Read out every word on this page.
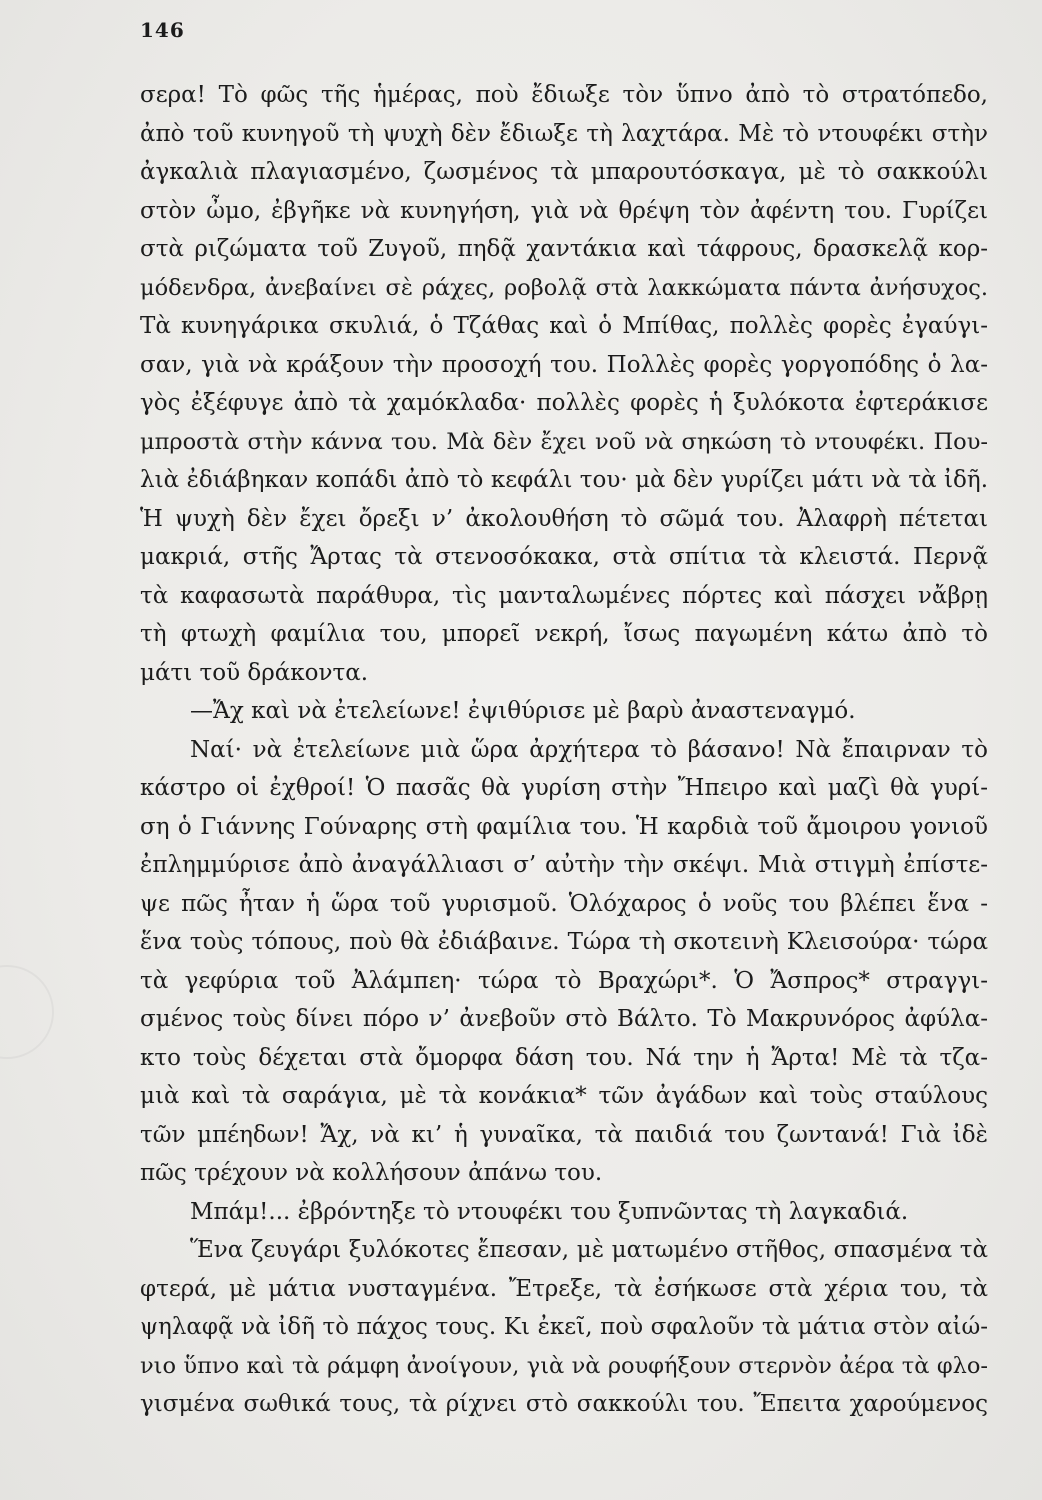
146
σερα! Τὸ φῶς τῆς ἡμέρας, ποὺ ἔδιωξε τὸν ὕπνο ἀπὸ τὸ στρατόπεδο,
ἀπὸ τοῦ κυνηγοῦ τὴ ψυχὴ δὲν ἔδιωξε τὴ λαχτάρα. Μὲ τὸ ντουφέκι στὴν
ἀγκαλιὰ πλαγιασμένο, ζωσμένος τὰ μπαρουτόσκαγα, μὲ τὸ σακκούλι
στὸν ὦμο, ἐβγῆκε νὰ κυνηγήση, γιὰ νὰ θρέψη τὸν ἀφέντη του. Γυρίζει
στὰ ριζώματα τοῦ Ζυγοῦ, πηδᾷ χαντάκια καὶ τάφρους, δρασκελᾷ κορ-
μόδενδρα, ἀνεβαίνει σὲ ράχες, ροβολᾷ στὰ λακκώματα πάντα ἀνήσυχος.
Τὰ κυνηγάρικα σκυλιά, ὁ Τζάθας καὶ ὁ Μπίθας, πολλὲς φορὲς ἐγαύγι-
σαν, γιὰ νὰ κράξουν τὴν προσοχή του. Πολλὲς φορὲς γοργοπόδης ὁ λα-
γὸς ἐξέφυγε ἀπὸ τὰ χαμόκλαδα· πολλὲς φορὲς ἡ ξυλόκοτα ἐφτεράκισε
μπροστὰ στὴν κάννα του. Μὰ δὲν ἔχει νοῦ νὰ σηκώση τὸ ντουφέκι. Που-
λιὰ ἐδιάβηκαν κοπάδι ἀπὸ τὸ κεφάλι του· μὰ δὲν γυρίζει μάτι νὰ τὰ ἰδῆ.
Ἡ ψυχὴ δὲν ἔχει ὄρεξι ν’ ἀκολουθήση τὸ σῶμά του. Ἀλαφρὴ πέτεται
μακριά, στῆς Ἄρτας τὰ στενοσόκακα, στὰ σπίτια τὰ κλειστά. Περνᾷ
τὰ καφασωτὰ παράθυρα, τὶς μανταλωμένες πόρτες καὶ πάσχει νἄβρῃ
τὴ φτωχὴ φαμίλια του, μπορεῖ νεκρή, ἴσως παγωμένη κάτω ἀπὸ τὸ
μάτι τοῦ δράκοντα.
—Ἄχ καὶ νὰ ἐτελείωνε! ἐψιθύρισε μὲ βαρὺ ἀναστεναγμό.
Ναί· νὰ ἐτελείωνε μιὰ ὥρα ἀρχήτερα τὸ βάσανο! Νὰ ἔπαιρναν τὸ
κάστρο οἱ ἐχθροί! Ὁ πασᾶς θὰ γυρίση στὴν Ἤπειρο καὶ μαζὶ θὰ γυρί-
ση ὁ Γιάννης Γούναρης στὴ φαμίλια του. Ἡ καρδιὰ τοῦ ἄμοιρου γονιοῦ
ἐπλημμύρισε ἀπὸ ἀναγάλλιασι σ’ αὐτὴν τὴν σκέψι. Μιὰ στιγμὴ ἐπίστε-
ψε πῶς ἦταν ἡ ὥρα τοῦ γυρισμοῦ. Ὁλόχαρος ὁ νοῦς του βλέπει ἕνα -
ἕνα τοὺς τόπους, ποὺ θὰ ἐδιάβαινε. Τώρα τὴ σκοτεινὴ Κλεισούρα· τώρα
τὰ γεφύρια τοῦ Ἀλάμπεη· τώρα τὸ Βραχώρι*. Ὁ Ἄσπρος* στραγγι-
σμένος τοὺς δίνει πόρο ν’ ἀνεβοῦν στὸ Βάλτο. Τὸ Μακρυνόρος ἀφύλα-
κτο τοὺς δέχεται στὰ ὄμορφα δάση του. Νά την ἡ Ἄρτα! Μὲ τὰ τζα-
μιὰ καὶ τὰ σαράγια, μὲ τὰ κονάκια* τῶν ἀγάδων καὶ τοὺς σταύλους
τῶν μπέηδων! Ἄχ, νὰ κι’ ἡ γυναῖκα, τὰ παιδιά του ζωντανά! Γιὰ ἰδὲ
πῶς τρέχουν νὰ κολλήσουν ἀπάνω του.
Μπάμ!... ἐβρόντηξε τὸ ντουφέκι του ξυπνῶντας τὴ λαγκαδιά.
Ἕνα ζευγάρι ξυλόκοτες ἔπεσαν, μὲ ματωμένο στῆθος, σπασμένα τὰ
φτερά, μὲ μάτια νυσταγμένα. Ἔτρεξε, τὰ ἐσήκωσε στὰ χέρια του, τὰ
ψηλαφᾷ νὰ ἰδῆ τὸ πάχος τους. Κι ἐκεῖ, ποὺ σφαλοῦν τὰ μάτια στὸν αἰώ-
νιο ὕπνο καὶ τὰ ράμφη ἀνοίγουν, γιὰ νὰ ρουφήξουν στερνὸν ἀέρα τὰ φλο-
γισμένα σωθικά τους, τὰ ρίχνει στὸ σακκούλι του. Ἔπειτα χαρούμενος
